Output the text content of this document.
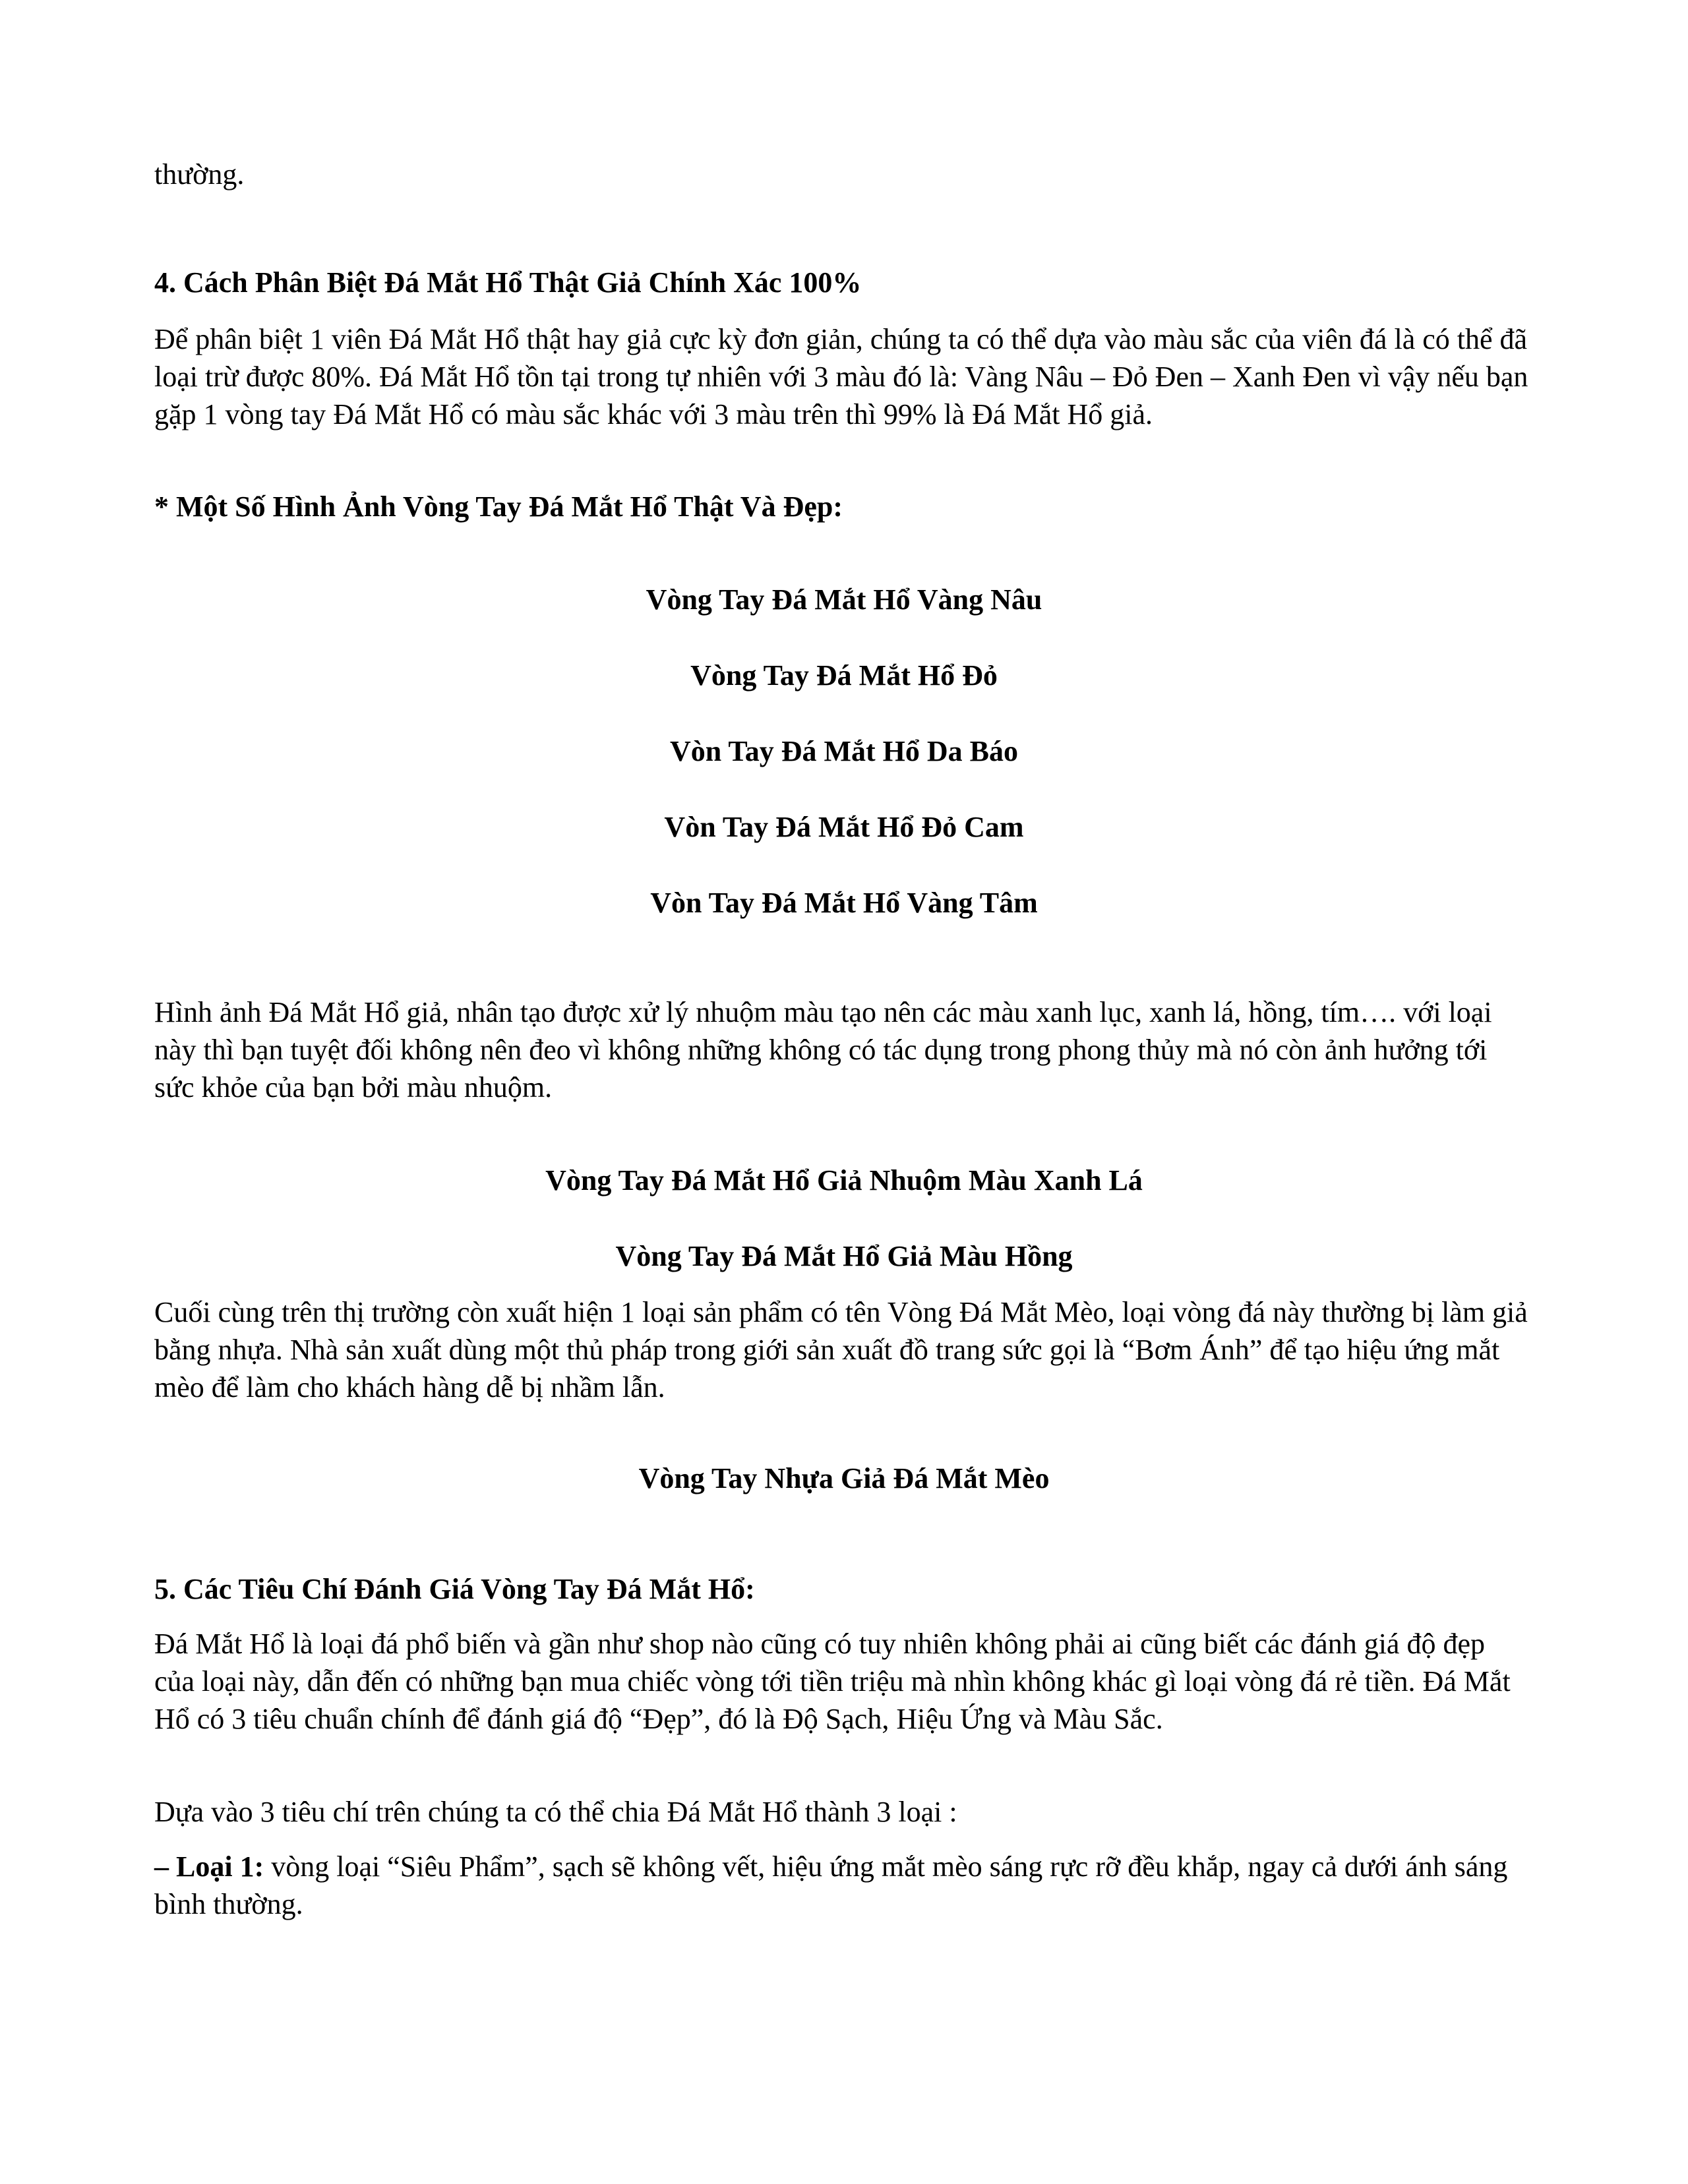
thường.

4. Cách Phân Biệt Đá Mắt Hổ Thật Giả Chính Xác 100%

Để phân biệt 1 viên Đá Mắt Hổ thật hay giả cực kỳ đơn giản, chúng ta có thể dựa vào màu sắc của viên đá là có thể đã loại trừ được 80%. Đá Mắt Hổ tồn tại trong tự nhiên với 3 màu đó là: Vàng Nâu – Đỏ Đen – Xanh Đen vì vậy nếu bạn gặp 1 vòng tay Đá Mắt Hổ có màu sắc khác với 3 màu trên thì 99% là Đá Mắt Hổ giả.

* Một Số Hình Ảnh Vòng Tay Đá Mắt Hổ Thật Và Đẹp:

Vòng Tay Đá Mắt Hổ Vàng Nâu

Vòng Tay Đá Mắt Hổ Đỏ

Vòn Tay Đá Mắt Hổ Da Báo

Vòn Tay Đá Mắt Hổ Đỏ Cam

Vòn Tay Đá Mắt Hổ Vàng Tâm

Hình ảnh Đá Mắt Hổ giả, nhân tạo được xử lý nhuộm màu tạo nên các màu xanh lục, xanh lá, hồng, tím…. với loại này thì bạn tuyệt đối không nên đeo vì không những không có tác dụng trong phong thủy mà nó còn ảnh hưởng tới sức khỏe của bạn bởi màu nhuộm.

Vòng Tay Đá Mắt Hổ Giả Nhuộm Màu Xanh Lá

Vòng Tay Đá Mắt Hổ Giả Màu Hồng

Cuối cùng trên thị trường còn xuất hiện 1 loại sản phẩm có tên Vòng Đá Mắt Mèo, loại vòng đá này thường bị làm giả bằng nhựa. Nhà sản xuất dùng một thủ pháp trong giới sản xuất đồ trang sức gọi là “Bơm Ánh” để tạo hiệu ứng mắt mèo để làm cho khách hàng dễ bị nhầm lẫn.

Vòng Tay Nhựa Giả Đá Mắt Mèo

5. Các Tiêu Chí Đánh Giá Vòng Tay Đá Mắt Hổ:

Đá Mắt Hổ là loại đá phổ biến và gần như shop nào cũng có tuy nhiên không phải ai cũng biết các đánh giá độ đẹp của loại này, dẫn đến có những bạn mua chiếc vòng tới tiền triệu mà nhìn không khác gì loại vòng đá rẻ tiền. Đá Mắt Hổ có 3 tiêu chuẩn chính để đánh giá độ “Đẹp”, đó là Độ Sạch, Hiệu Ứng và Màu Sắc.

Dựa vào 3 tiêu chí trên chúng ta có thể chia Đá Mắt Hổ thành 3 loại :

– Loại 1: vòng loại “Siêu Phẩm”, sạch sẽ không vết, hiệu ứng mắt mèo sáng rực rỡ đều khắp, ngay cả dưới ánh sáng bình thường.
